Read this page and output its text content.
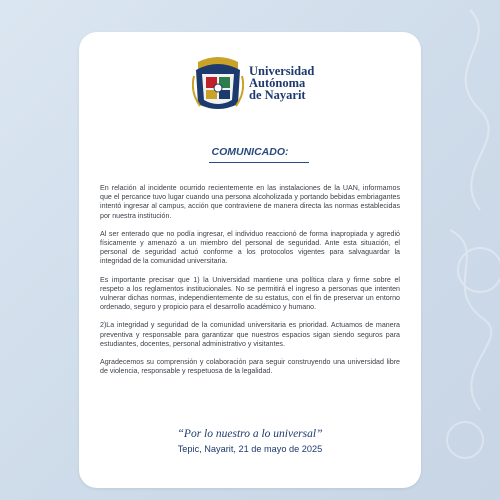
Universidad
Autónoma
de Nayarit
COMUNICADO:

En relación al incidente ocurrido recientemente en las instalaciones de la UAN, informamos que el percance tuvo lugar cuando una persona alcoholizada y portando bebidas embriagantes intentó ingresar al campus, acción que contraviene de manera directa las normas establecidas por nuestra institución.

Al ser enterado que no podía ingresar, el individuo reaccionó de forma inapropiada y agredió físicamente y amenazó a un miembro del personal de seguridad. Ante esta situación, el personal de seguridad actuó conforme a los protocolos vigentes para salvaguardar la integridad de la comunidad universitaria.

Es importante precisar que 1) la Universidad mantiene una política clara y firme sobre el respeto a los reglamentos institucionales. No se permitirá el ingreso a personas que intenten vulnerar dichas normas, independientemente de su estatus, con el fin de preservar un entorno ordenado, seguro y propicio para el desarrollo académico y humano.

2)La integridad y seguridad de la comunidad universitaria es prioridad. Actuamos de manera preventiva y responsable para garantizar que nuestros espacios sigan siendo seguros para estudiantes, docentes, personal administrativo y visitantes.

Agradecemos su comprensión y colaboración para seguir construyendo una universidad libre de violencia, responsable y respetuosa de la legalidad.

“Por lo nuestro a lo universal”
Tepic, Nayarit, 21 de mayo de 2025
